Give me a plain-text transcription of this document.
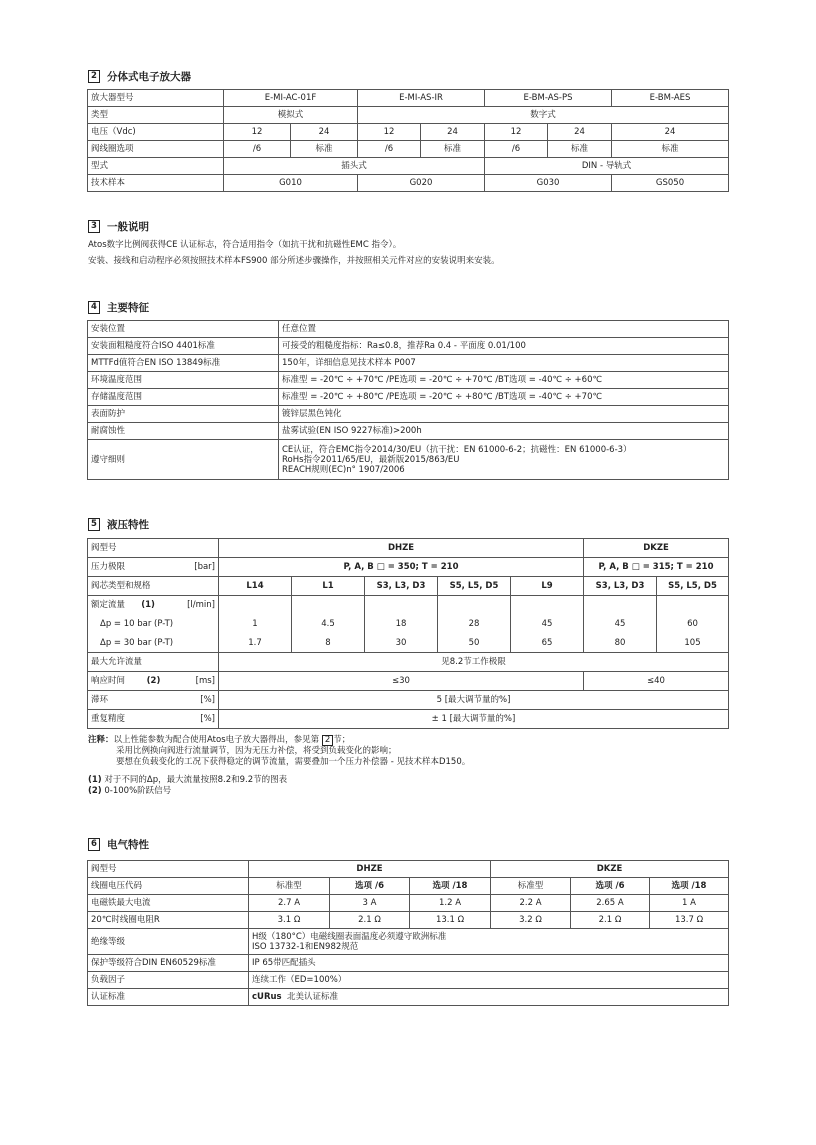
2 分体式电子放大器
放大器型号	E-MI-AC-01F		E-MI-AS-IR		E-BM-AS-PS		E-BM-AES
类型	模拟式		数字式				
电压（Vdc)	12	24	12	24	12	24	24
阀线圈选项	/6	标准	/6	标准	/6	标准	标准
型式	插头式				DIN - 导轨式		
技术样本	G010		G020		G030		GS050
3 一般说明
Atos数字比例阀获得CE 认证标志，符合适用指令（如抗干扰和抗磁性EMC 指令）。
安装、接线和启动程序必须按照技术样本FS900 部分所述步骤操作，并按照相关元件对应的安装说明来安装。
4 主要特征
安装位置	任意位置
安装面粗糙度符合ISO 4401标准	可接受的粗糙度指标：Ra≤0.8，推荐Ra 0.4 - 平面度 0.01/100
MTTFd值符合EN ISO 13849标准	150年，详细信息见技术样本 P007
环境温度范围	标准型 = -20℃ ÷ +70℃ /PE选项 = -20℃ ÷ +70℃ /BT选项 = -40℃ ÷ +60℃
存储温度范围	标准型 = -20℃ ÷ +80℃ /PE选项 = -20℃ ÷ +80℃ /BT选项 = -40℃ ÷ +70℃
表面防护	镀锌层黑色钝化
耐腐蚀性	盐雾试验(EN ISO 9227标准)>200h
遵守细则	CE认证，符合EMC指令2014/30/EU（抗干扰：EN 61000-6-2；抗磁性：EN 61000-6-3）
RoHs指令2011/65/EU，最新版2015/863/EU
REACH规则(EC)n° 1907/2006
5 液压特性
阀型号	DHZE					DKZE	

压力极限 [bar]	P, A, B □ = 350; T = 210					P, A, B □ = 315; T = 210	
阀芯类型和规格	L14	L1	S3, L3, D3	S5, L5, D5	L9	S3, L3, D3	S5, L5, D5

额定流量 (1) [l/min]							

Δp = 10 bar (P-T)	1	4.5	18	28	45	45	60
Δp = 30 bar (P-T)	1.7	8	30	50	65	80	105
最大允许流量	见8.2节工作极限						

响应时间 (2) [ms]	≤30					≤40	

滞环 [%]	5 [最大调节量的%]						

重复精度 [%]	± 1 [最大调节量的%]						
注释：以上性能参数为配合使用Atos电子放大器得出，参见第 2 节；
采用比例换向阀进行流量调节，因为无压力补偿，将受到负载变化的影响；
要想在负载变化的工况下获得稳定的调节流量，需要叠加一个压力补偿器 - 见技术样本D150。
(1) 对于不同的Δp，最大流量按照8.2和9.2节的图表
(2) 0-100%阶跃信号
6 电气特性
阀型号	DHZE			DKZE		
线圈电压代码	标准型	选项 /6	选项 /18	标准型	选项 /6	选项 /18
电磁铁最大电流	2.7 A	3 A	1.2 A	2.2 A	2.65 A	1 A
20℃时线圈电阻R	3.1 Ω	2.1 Ω	13.1 Ω	3.2 Ω	2.1 Ω	13.7 Ω
绝缘等级	H级（180°C）电磁线圈表面温度必须遵守欧洲标准
ISO 13732-1和EN982规范					

保护等级符合DIN EN60529标准	IP 65带匹配插头					
负载因子	连续工作（ED=100%）					
认证标准	cURus 北美认证标准					
